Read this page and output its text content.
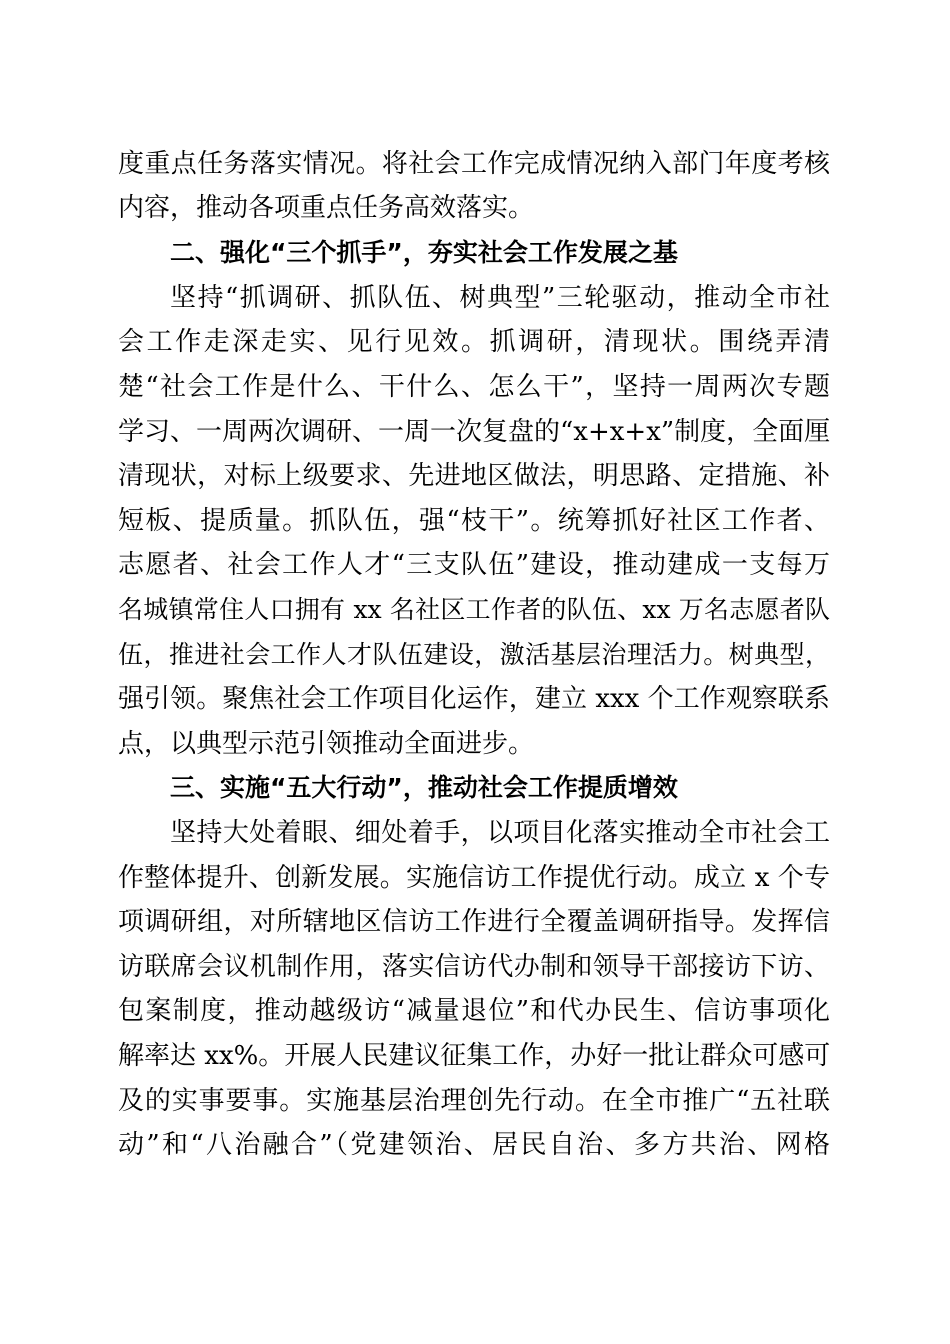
度重点任务落实情况。将社会工作完成情况纳入部门年度考核
内容，推动各项重点任务高效落实。
二、强化“三个抓手”，夯实社会工作发展之基
坚持“抓调研、抓队伍、树典型”三轮驱动，推动全市社
会工作走深走实、见行见效。抓调研，清现状。围绕弄清
楚“社会工作是什么、干什么、怎么干”，坚持一周两次专题
学习、一周两次调研、一周一次复盘的“x+x+x”制度，全面厘
清现状，对标上级要求、先进地区做法，明思路、定措施、补
短板、提质量。抓队伍，强“枝干”。统筹抓好社区工作者、
志愿者、社会工作人才“三支队伍”建设，推动建成一支每万
名城镇常住人口拥有 xx 名社区工作者的队伍、xx 万名志愿者队
伍，推进社会工作人才队伍建设，激活基层治理活力。树典型，
强引领。聚焦社会工作项目化运作，建立 xxx 个工作观察联系
点，以典型示范引领推动全面进步。
三、实施“五大行动”，推动社会工作提质增效
坚持大处着眼、细处着手，以项目化落实推动全市社会工
作整体提升、创新发展。实施信访工作提优行动。成立 x 个专
项调研组，对所辖地区信访工作进行全覆盖调研指导。发挥信
访联席会议机制作用，落实信访代办制和领导干部接访下访、
包案制度，推动越级访“减量退位”和代办民生、信访事项化
解率达 xx%。开展人民建议征集工作，办好一批让群众可感可
及的实事要事。实施基层治理创先行动。在全市推广“五社联
动”和“八治融合”（党建领治、居民自治、多方共治、网格
